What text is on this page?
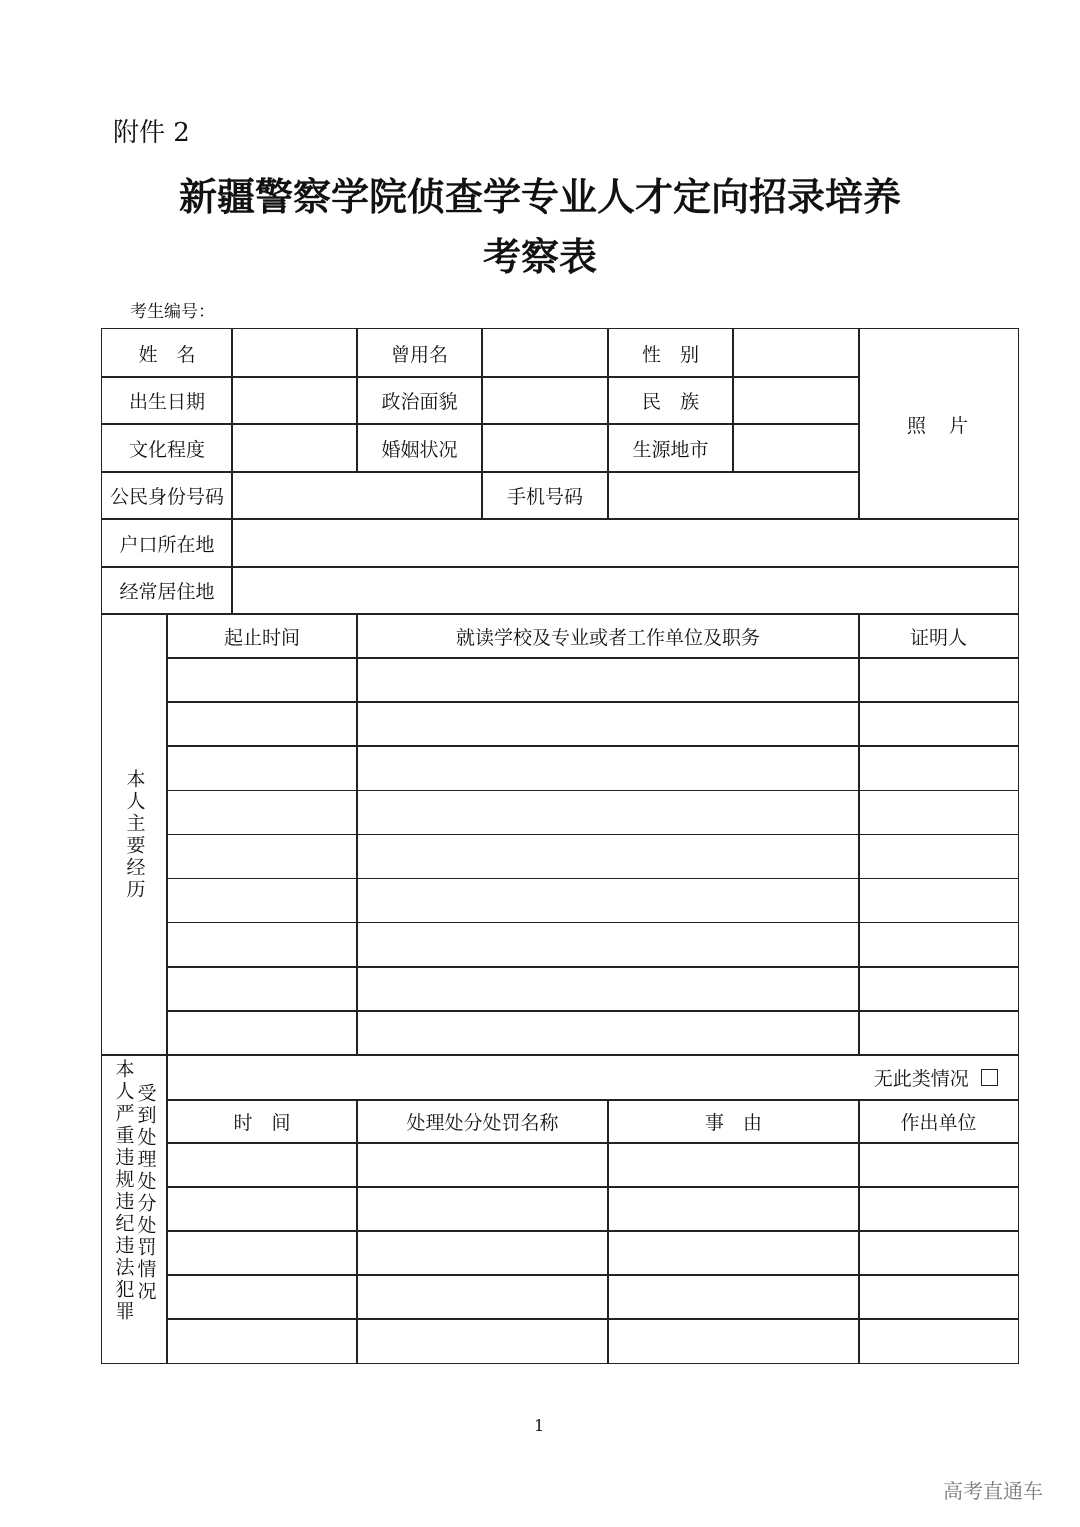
附件 2
新疆警察学院侦查学专业人才定向招录培养
考察表
考生编号：
姓　名	曾用名	性　别
出生日期	政治面貌	民　族
文化程度	婚姻状况	生源地市
照　片
公民身份号码	手机号码
户口所在地
经常居住地
本人主要经历
起止时间	就读学校及专业或者工作单位及职务	证明人
受到处理处分处罚情况
本人严重违规违纪违法犯罪	无此类情况
时　间	处理处分处罚名称	事　由	作出单位
1
高考直通车
